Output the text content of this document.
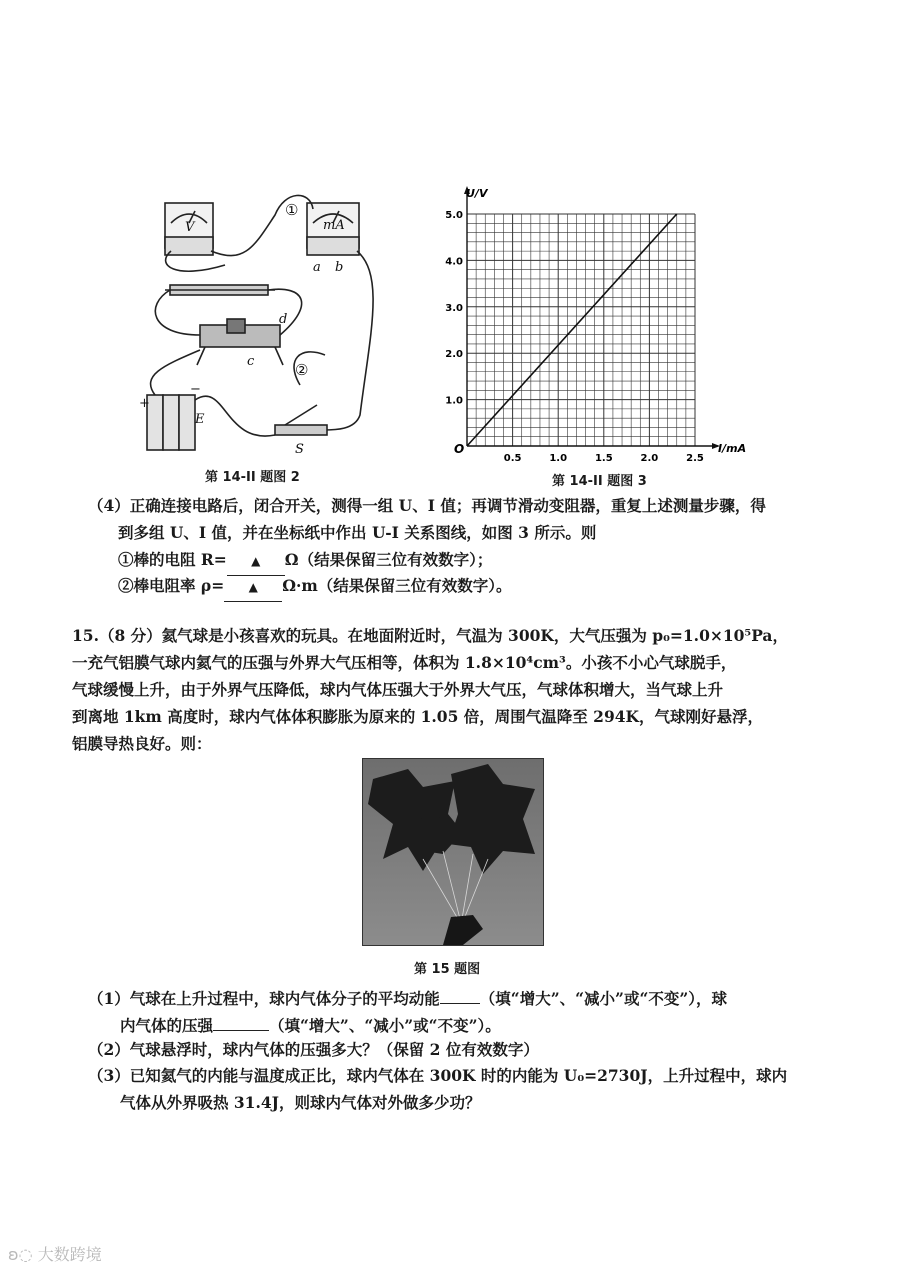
V	mA
a b
d
c
E
S
+
−
①
②
第 14-II 题图 2
0.5	1.0	1.5	2.0	2.5
1.0
2.0
3.0
4.0
5.0
U/V
I/mA
O
第 14-II 题图 3
（4）正确连接电路后，闭合开关，测得一组 U、I 值；再调节滑动变阻器，重复上述测量步骤，得
到多组 U、I 值，并在坐标纸中作出 U-I 关系图线，如图 3 所示。则
①棒的电阻 R= ▲ Ω（结果保留三位有效数字）；
②棒电阻率 ρ= ▲ Ω·m（结果保留三位有效数字）。
15.（8 分）氦气球是小孩喜欢的玩具。在地面附近时，气温为 300K，大气压强为 p₀=1.0×10⁵Pa，
一充气铝膜气球内氦气的压强与外界大气压相等，体积为 1.8×10⁴cm³。小孩不小心气球脱手，
气球缓慢上升，由于外界气压降低，球内气体压强大于外界大气压，气球体积增大，当气球上升
到离地 1km 高度时，球内气体体积膨胀为原来的 1.05 倍，周围气温降至 294K，气球刚好悬浮，
铝膜导热良好。则：
第 15 题图
（1）气球在上升过程中，球内气体分子的平均动能	（填“增大”、“减小”或“不变”），球
内气体的压强	（填“增大”、“减小”或“不变”）。
（2）气球悬浮时，球内气体的压强多大？（保留 2 位有效数字）
（3）已知氦气的内能与温度成正比，球内气体在 300K 时的内能为 U₀=2730J，上升过程中，球内
气体从外界吸热 31.4J，则球内气体对外做多少功？
ʚ◌ 大数跨境
